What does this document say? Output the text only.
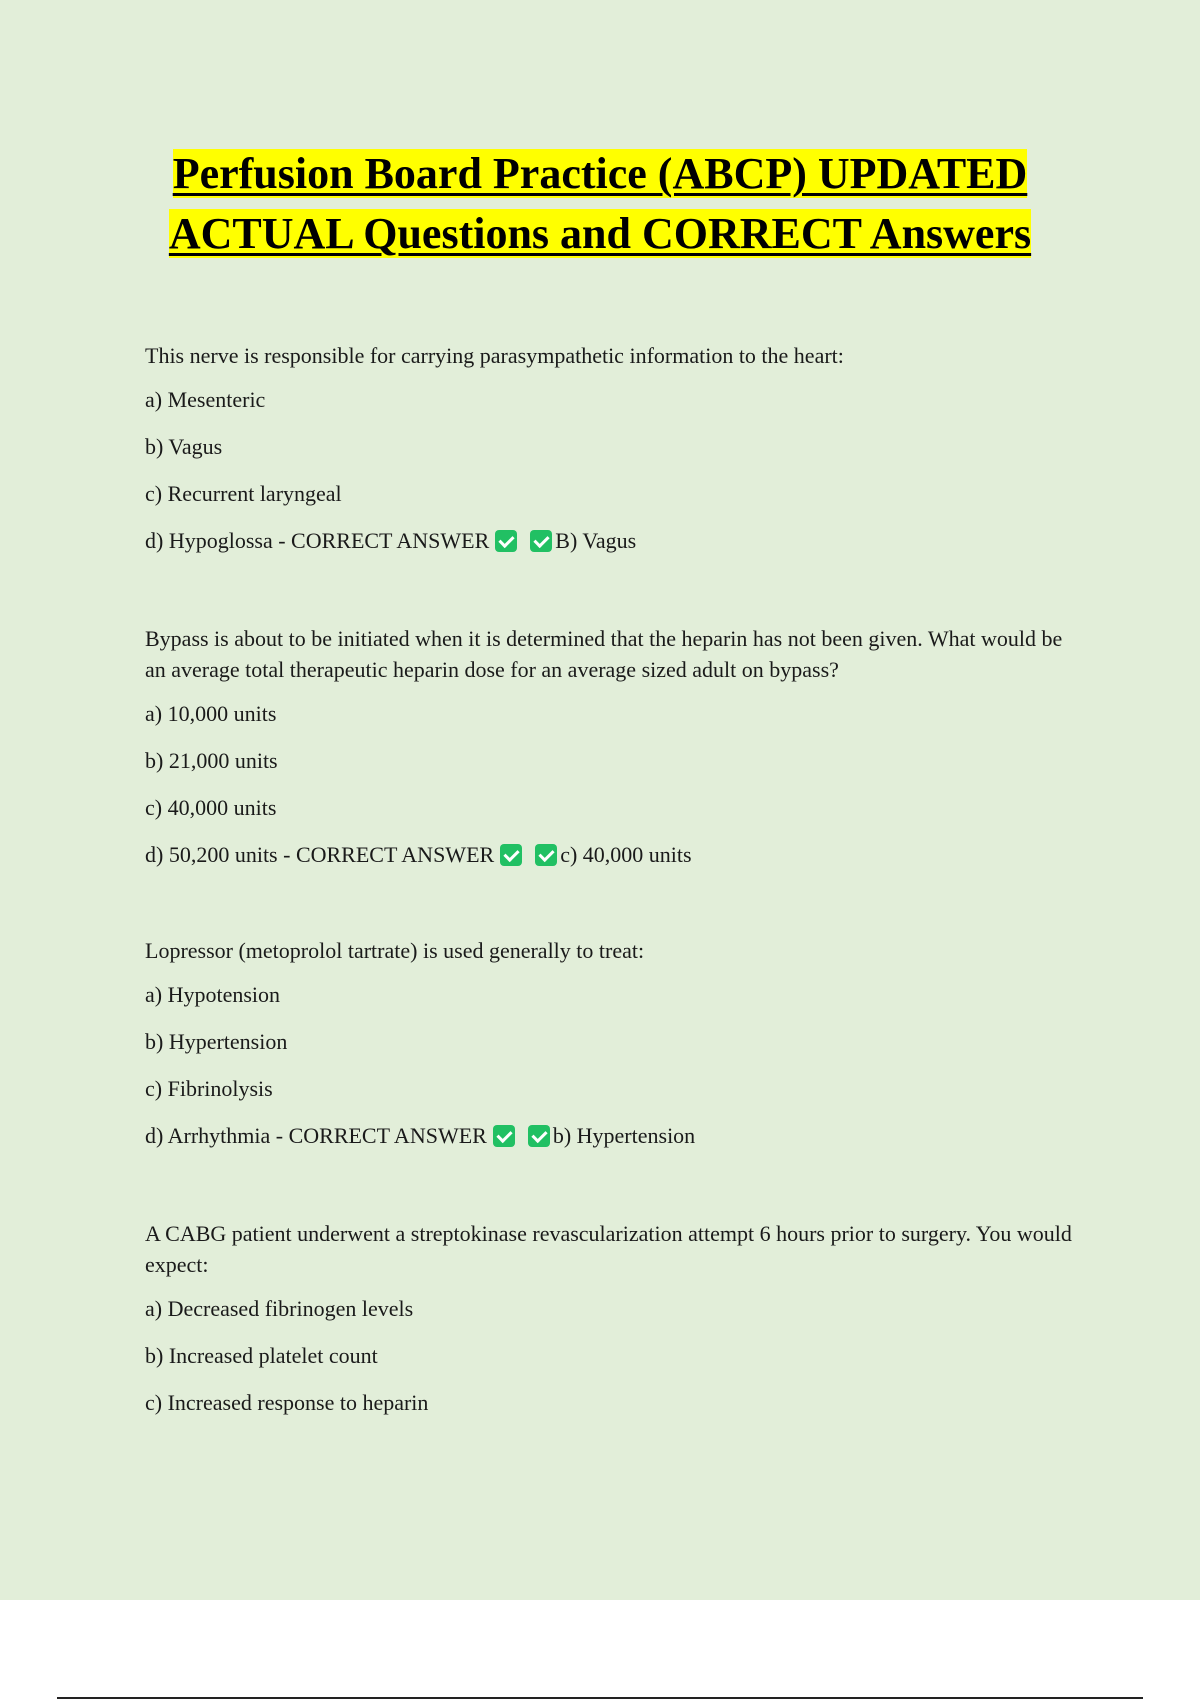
Perfusion Board Practice (ABCP) UPDATED ACTUAL Questions and CORRECT Answers

This nerve is responsible for carrying parasympathetic information to the heart:

a) Mesenteric

b) Vagus

c) Recurrent laryngeal

d) Hypoglossa - CORRECT ANSWER	B) Vagus

Bypass is about to be initiated when it is determined that the heparin has not been given. What would be an average total therapeutic heparin dose for an average sized adult on bypass?

a) 10,000 units

b) 21,000 units

c) 40,000 units

d) 50,200 units - CORRECT ANSWER	c) 40,000 units

Lopressor (metoprolol tartrate) is used generally to treat:

a) Hypotension

b) Hypertension

c) Fibrinolysis

d) Arrhythmia - CORRECT ANSWER	b) Hypertension

A CABG patient underwent a streptokinase revascularization attempt 6 hours prior to surgery. You would expect:

a) Decreased fibrinogen levels

b) Increased platelet count

c) Increased response to heparin
